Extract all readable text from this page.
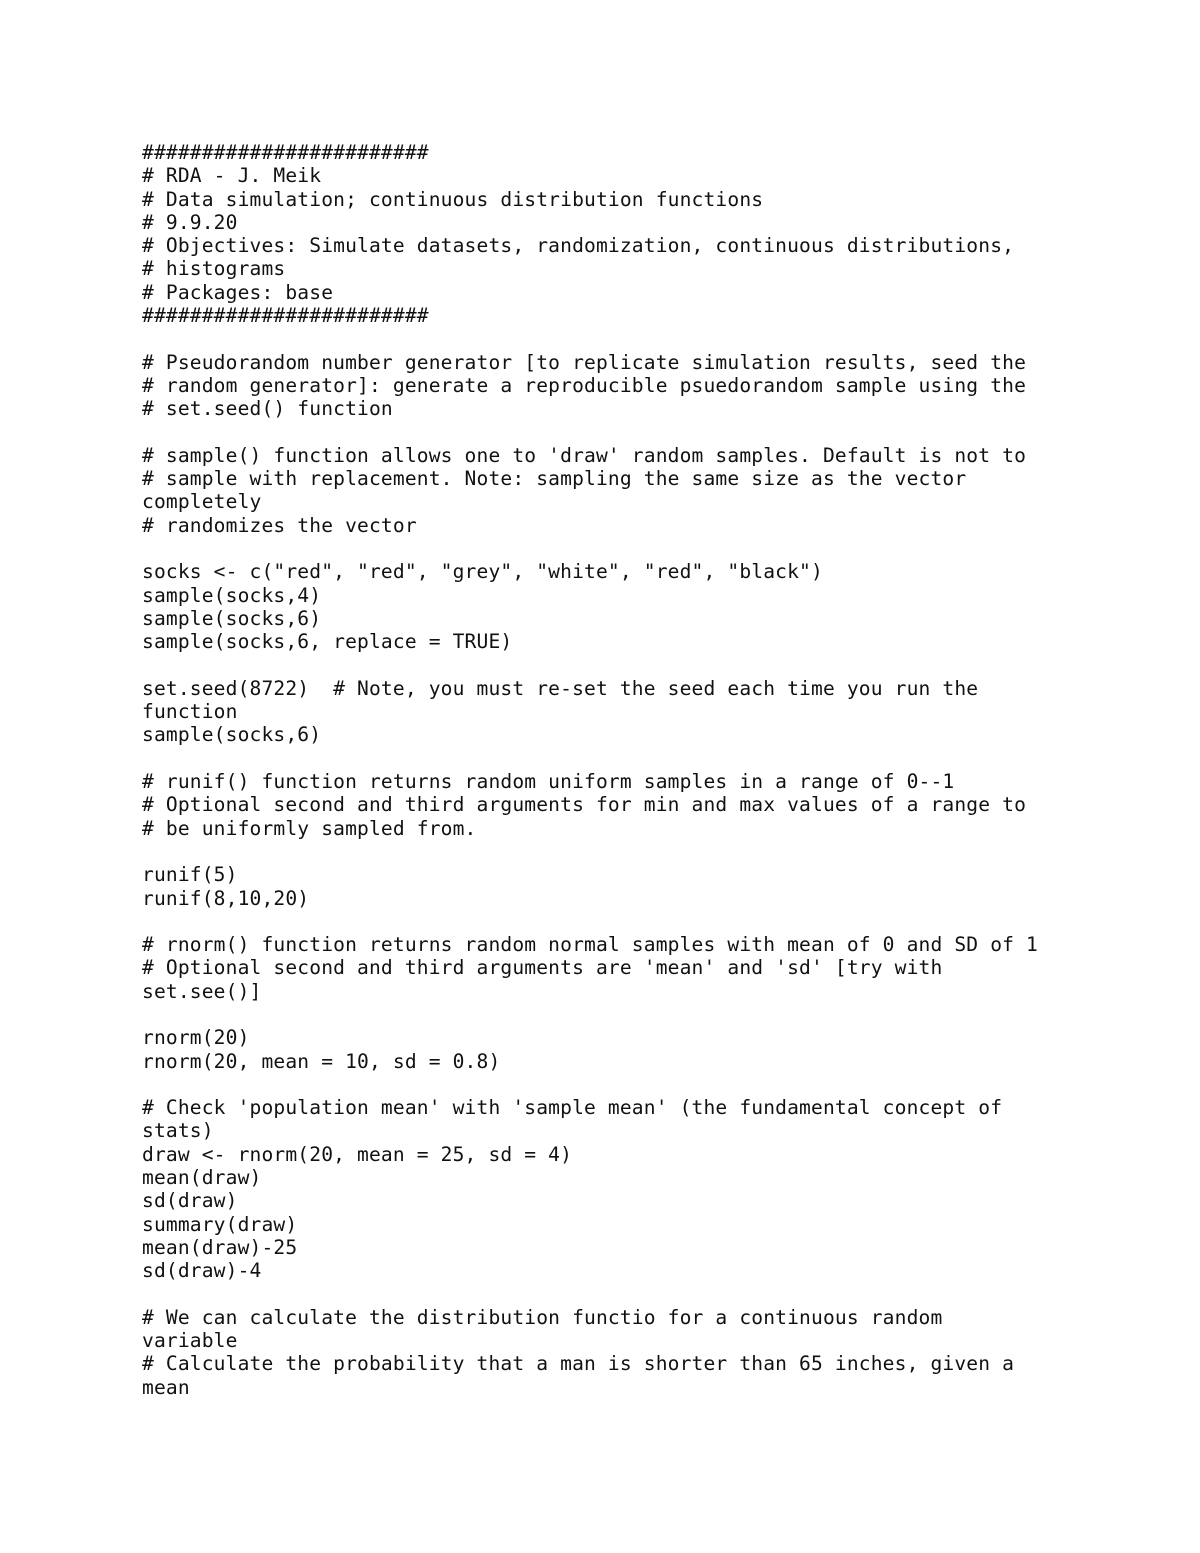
########################
# RDA - J. Meik
# Data simulation; continuous distribution functions
# 9.9.20
# Objectives: Simulate datasets, randomization, continuous distributions,
# histograms
# Packages: base
########################
# Pseudorandom number generator [to replicate simulation results, seed the
# random generator]: generate a reproducible psuedorandom sample using the
# set.seed() function
# sample() function allows one to 'draw' random samples. Default is not to
# sample with replacement. Note: sampling the same size as the vector
completely
# randomizes the vector
socks <- c("red", "red", "grey", "white", "red", "black")
sample(socks,4)
sample(socks,6)
sample(socks,6, replace = TRUE)
set.seed(8722)  # Note, you must re-set the seed each time you run the
function
sample(socks,6)
# runif() function returns random uniform samples in a range of 0--1
# Optional second and third arguments for min and max values of a range to
# be uniformly sampled from.
runif(5)
runif(8,10,20)
# rnorm() function returns random normal samples with mean of 0 and SD of 1
# Optional second and third arguments are 'mean' and 'sd' [try with
set.see()]
rnorm(20)
rnorm(20, mean = 10, sd = 0.8)
# Check 'population mean' with 'sample mean' (the fundamental concept of
stats)
draw <- rnorm(20, mean = 25, sd = 4)
mean(draw)
sd(draw)
summary(draw)
mean(draw)-25
sd(draw)-4
# We can calculate the distribution functio for a continuous random
variable
# Calculate the probability that a man is shorter than 65 inches, given a
mean
